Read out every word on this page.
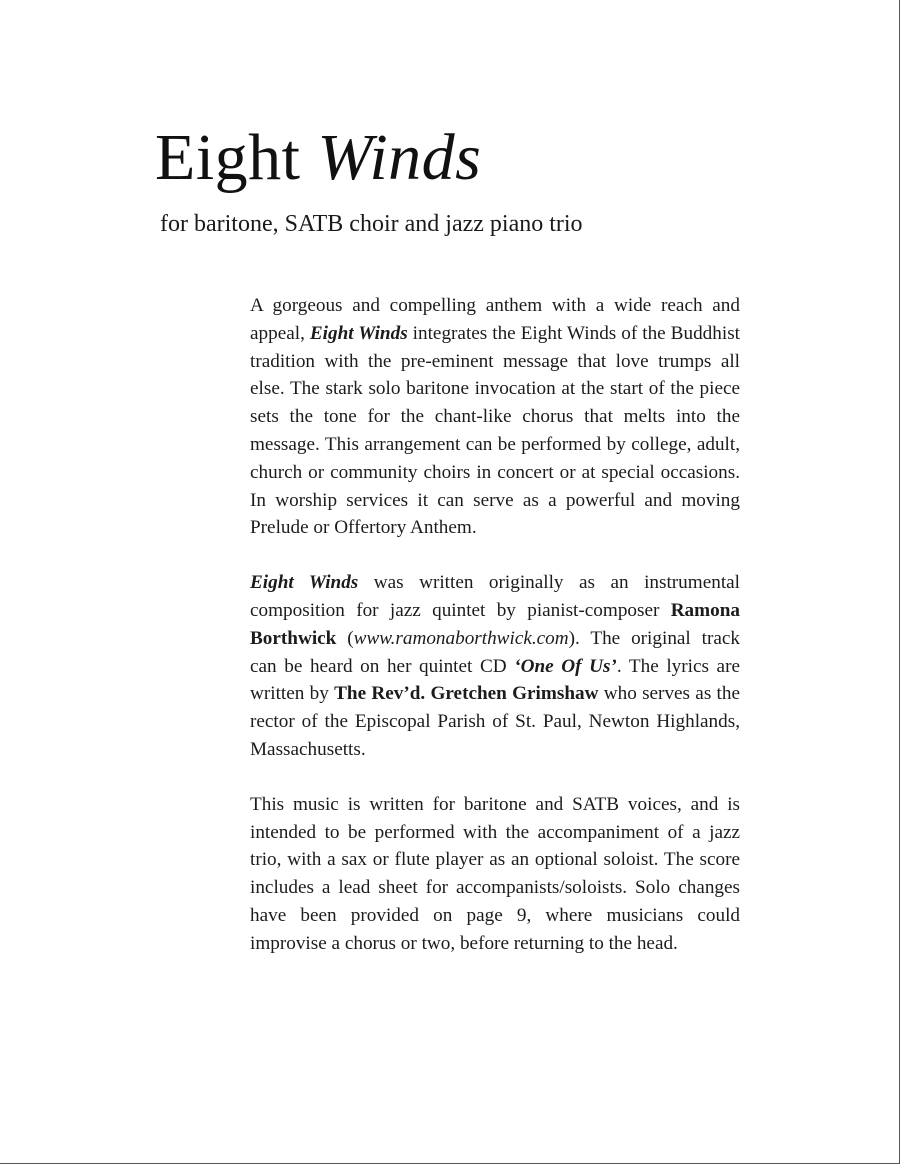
Eight Winds
for baritone, SATB choir and jazz piano trio

A gorgeous and compelling anthem with a wide reach and appeal, Eight Winds integrates the Eight Winds of the Buddhist tradition with the pre-eminent message that love trumps all else. The stark solo baritone invocation at the start of the piece sets the tone for the chant-like chorus that melts into the message. This arrangement can be performed by college, adult, church or community choirs in concert or at special occasions. In worship services it can serve as a powerful and moving Prelude or Offertory Anthem.

Eight Winds was written originally as an instrumental composition for jazz quintet by pianist-composer Ramona Borthwick (www.ramonaborthwick.com). The original track can be heard on her quintet CD ‘One Of Us’. The lyrics are written by The Rev’d. Gretchen Grimshaw who serves as the rector of the Episcopal Parish of St. Paul, Newton Highlands, Massachusetts.

This music is written for baritone and SATB voices, and is intended to be performed with the accompaniment of a jazz trio, with a sax or flute player as an optional soloist. The score includes a lead sheet for accompanists/soloists. Solo changes have been provided on page 9, where musicians could improvise a chorus or two, before returning to the head.
